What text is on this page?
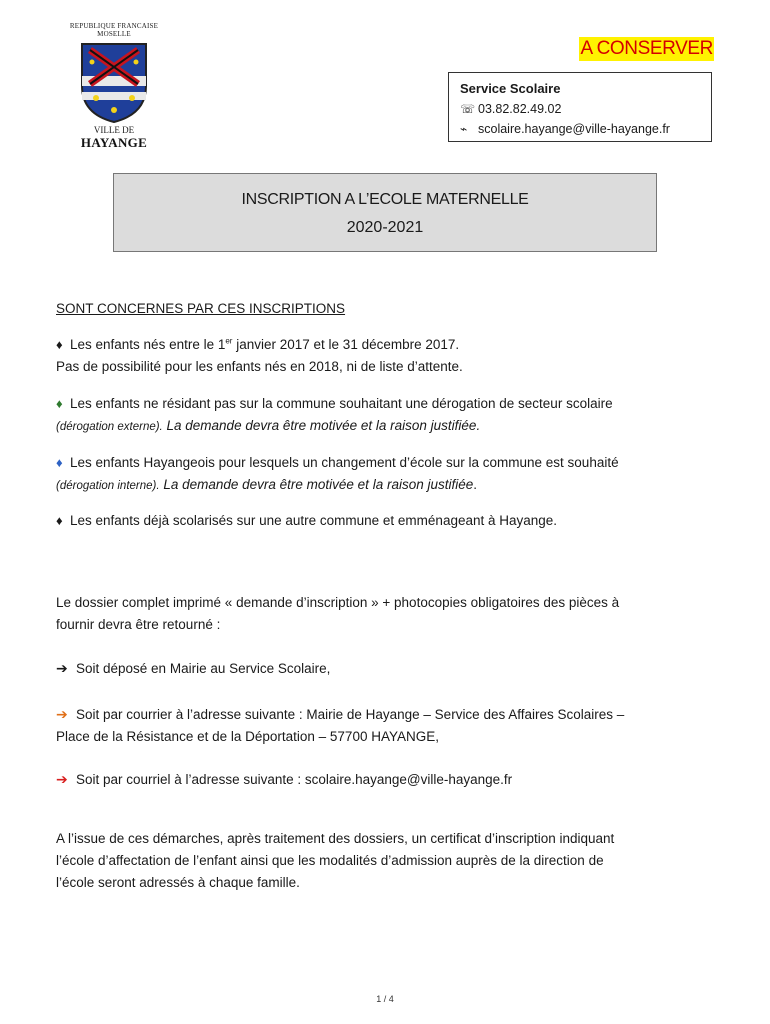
REPUBLIQUE FRANCAISE
MOSELLE
VILLE DE
HAYANGE
A CONSERVER
Service Scolaire
☏ 03.82.82.49.02
⌁ scolaire.hayange@ville-hayange.fr
INSCRIPTION A L’ECOLE MATERNELLE
2020-2021
SONT CONCERNES PAR CES INSCRIPTIONS
♦ Les enfants nés entre le 1er janvier 2017 et le 31 décembre 2017.
Pas de possibilité pour les enfants nés en 2018, ni de liste d’attente.
♦ Les enfants ne résidant pas sur la commune souhaitant une dérogation de secteur scolaire
(dérogation externe). La demande devra être motivée et la raison justifiée.
♦ Les enfants Hayangeois pour lesquels un changement d’école sur la commune est souhaité
(dérogation interne). La demande devra être motivée et la raison justifiée.
♦ Les enfants déjà scolarisés sur une autre commune et emménageant à Hayange.
Le dossier complet imprimé « demande d’inscription » + photocopies obligatoires des pièces à
fournir devra être retourné :
➔ Soit déposé en Mairie au Service Scolaire,
➔ Soit par courrier à l’adresse suivante : Mairie de Hayange – Service des Affaires Scolaires –
Place de la Résistance et de la Déportation – 57700 HAYANGE,
➔ Soit par courriel à l’adresse suivante : scolaire.hayange@ville-hayange.fr
A l’issue de ces démarches, après traitement des dossiers, un certificat d’inscription indiquant
l’école d’affectation de l’enfant ainsi que les modalités d’admission auprès de la direction de
l’école seront adressés à chaque famille.
1 / 4
